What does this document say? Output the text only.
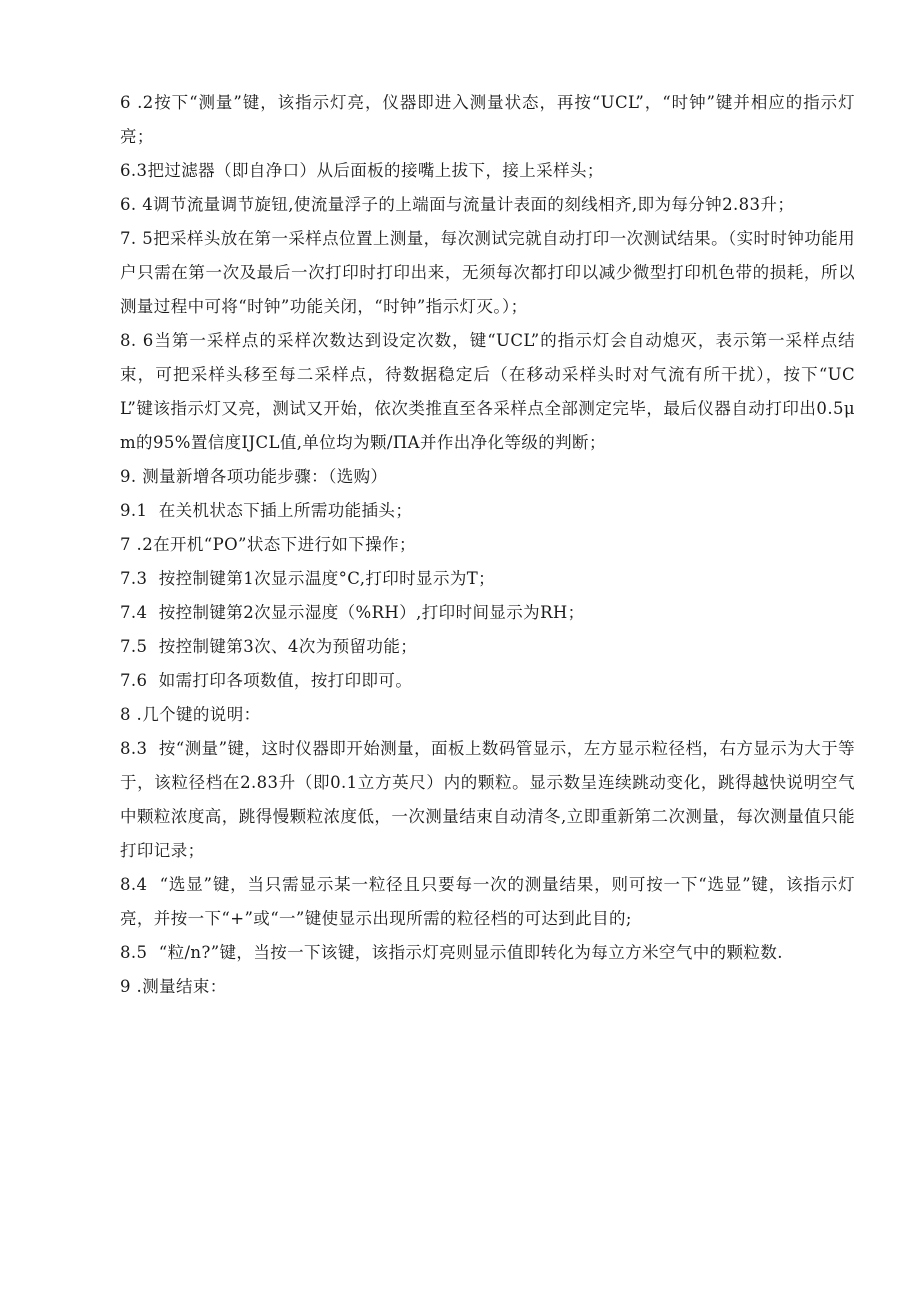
6 .2按下“测量”键，该指示灯亮，仪器即进入测量状态，再按“UCL”，“时钟”键并相应的指示灯亮；

6.3把过滤器（即自净口）从后面板的接嘴上拔下，接上采样头；

6. 4调节流量调节旋钮,使流量浮子的上端面与流量计表面的刻线相齐,即为每分钟2.83升；

7. 5把采样头放在第一采样点位置上测量，每次测试完就自动打印一次测试结果。（实时时钟功能用户只需在第一次及最后一次打印时打印出来，无须每次都打印以减少微型打印机色带的损耗，所以测量过程中可将“时钟”功能关闭，“时钟”指示灯灭。）；

8. 6当第一采样点的采样次数达到设定次数，键“UCL”的指示灯会自动熄灭，表示第一采样点结束，可把采样头移至每二采样点，待数据稳定后（在移动采样头时对气流有所干扰），按下“UCL”键该指示灯又亮，测试又开始，依次类推直至各采样点全部测定完毕，最后仪器自动打印出0.5μm的95%置信度IJCL值,单位均为颗/ΠA并作出净化等级的判断；

9. 测量新增各项功能步骤：（选购）

9.1  在关机状态下插上所需功能插头；

7 .2在开机“PO”状态下进行如下操作；

7.3  按控制键第1次显示温度°C,打印时显示为T；

7.4  按控制键第2次显示湿度（%RH）,打印时间显示为RH；

7.5  按控制键第3次、4次为预留功能；

7.6  如需打印各项数值，按打印即可。

8 .几个键的说明：

8.3  按“测量”键，这时仪器即开始测量，面板上数码管显示，左方显示粒径档，右方显示为大于等于，该粒径档在2.83升（即0.1立方英尺）内的颗粒。显示数呈连续跳动变化，跳得越快说明空气中颗粒浓度高，跳得慢颗粒浓度低，一次测量结束自动清冬,立即重新第二次测量，每次测量值只能打印记录；

8.4  “选显”键，当只需显示某一粒径且只要每一次的测量结果，则可按一下“选显”键，该指示灯亮，并按一下“+”或“一”键使显示出现所需的粒径档的可达到此目的;

8.5  “粒/n?”键，当按一下该键，该指示灯亮则显示值即转化为每立方米空气中的颗粒数.

9 .测量结束：
